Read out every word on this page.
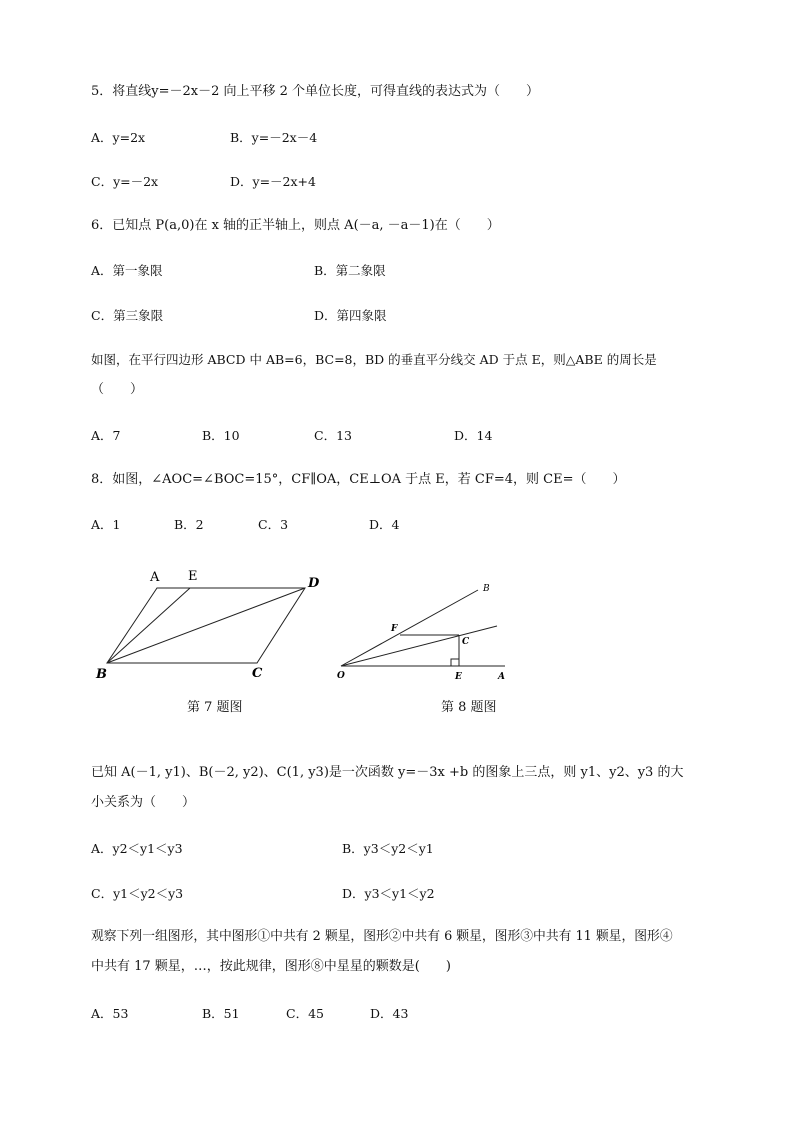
5．将直线y=－2x－2 向上平移 2 个单位长度，可得直线的表达式为（　　）
A．y=2x	B．y=－2x－4
C．y=－2x	D．y=－2x+4
6．已知点 P(a,0)在 x 轴的正半轴上，则点 A(－a, －a－1)在（　　）
A．第一象限	B．第二象限
C．第三象限	D．第四象限
如图，在平行四边形 ABCD 中 AB=6，BC=8，BD 的垂直平分线交 AD 于点 E，则△ABE 的周长是
（　　）
A．7	B．10	C．13	D．14
8．如图，∠AOC=∠BOC=15°，CF∥OA，CE⊥OA 于点 E，若 CF=4，则 CE=（　　）
A．1	B．2	C．3	D．4
A E	D
B	C
B
F
C
O	E	A
第 7 题图	第 8 题图
已知 A(－1, y1)、B(－2, y2)、C(1, y3)是一次函数 y=－3x +b 的图象上三点，则 y1、y2、y3 的大
小关系为（　　）
A．y2＜y1＜y3	B．y3＜y2＜y1
C．y1＜y2＜y3	D．y3＜y1＜y2
观察下列一组图形，其中图形①中共有 2 颗星，图形②中共有 6 颗星，图形③中共有 11 颗星，图形④
中共有 17 颗星，…，按此规律，图形⑧中星星的颗数是(　　)
A．53	B．51	C．45	D．43
